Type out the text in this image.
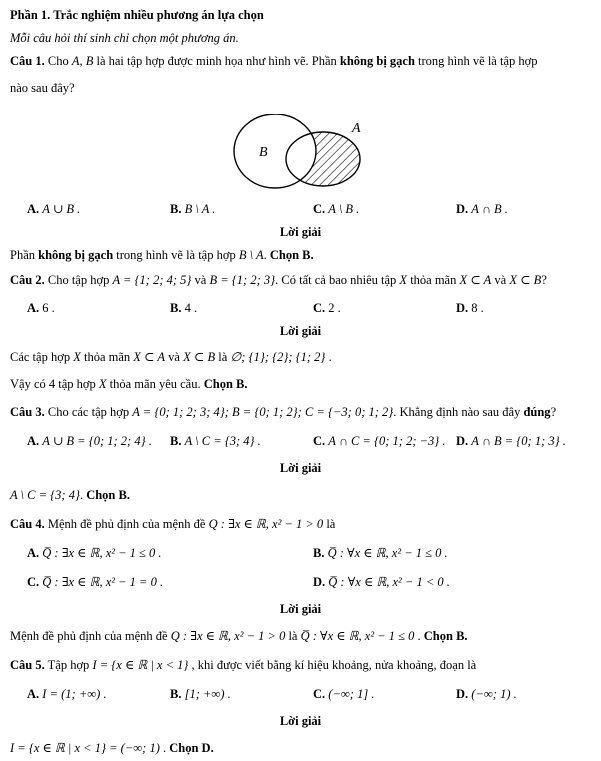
Phần 1. Trắc nghiệm nhiều phương án lựa chọn
Mỗi câu hỏi thí sinh chỉ chọn một phương án.
Câu 1. Cho A, B là hai tập hợp được minh họa như hình vẽ. Phần không bị gạch trong hình vẽ là tập hợp
nào sau đây?
B
A
A. A ∪ B .	B. B \ A .	C. A \ B .	D. A ∩ B .
Lời giải
Phần không bị gạch trong hình vẽ là tập hợp B \ A. Chọn B.
Câu 2. Cho tập hợp A = {1; 2; 4; 5} và B = {1; 2; 3}. Có tất cả bao nhiêu tập X thỏa mãn X ⊂ A và X ⊂ B?
A. 6 .	B. 4 .	C. 2 .	D. 8 .
Lời giải
Các tập hợp X thỏa mãn X ⊂ A và X ⊂ B là ∅; {1}; {2}; {1; 2} .
Vậy có 4 tập hợp X thỏa mãn yêu cầu. Chọn B.
Câu 3. Cho các tập hợp A = {0; 1; 2; 3; 4}; B = {0; 1; 2}; C = {−3; 0; 1; 2}. Khẳng định nào sau đây đúng?
A. A ∪ B = {0; 1; 2; 4} . B. A \ C = {3; 4} .	C. A ∩ C = {0; 1; 2; −3} . D. A ∩ B = {0; 1; 3} .
Lời giải
A \ C = {3; 4}. Chọn B.
Câu 4. Mệnh đề phủ định của mệnh đề Q : ∃x ∈ ℝ, x² − 1 > 0 là
A. Q̅ : ∃x ∈ ℝ, x² − 1 ≤ 0 .	B. Q̅ : ∀x ∈ ℝ, x² − 1 ≤ 0 .
C. Q̅ : ∃x ∈ ℝ, x² − 1 = 0 .	D. Q̅ : ∀x ∈ ℝ, x² − 1 < 0 .
Lời giải
Mệnh đề phủ định của mệnh đề Q : ∃x ∈ ℝ, x² − 1 > 0 là Q̅ : ∀x ∈ ℝ, x² − 1 ≤ 0 . Chọn B.
Câu 5. Tập hợp I = {x ∈ ℝ | x < 1} , khi được viết bằng kí hiệu khoảng, nửa khoảng, đoạn là
A. I = (1; +∞) .	B. [1; +∞) .	C. (−∞; 1] .	D. (−∞; 1) .
Lời giải
I = {x ∈ ℝ | x < 1} = (−∞; 1) . Chọn D.
